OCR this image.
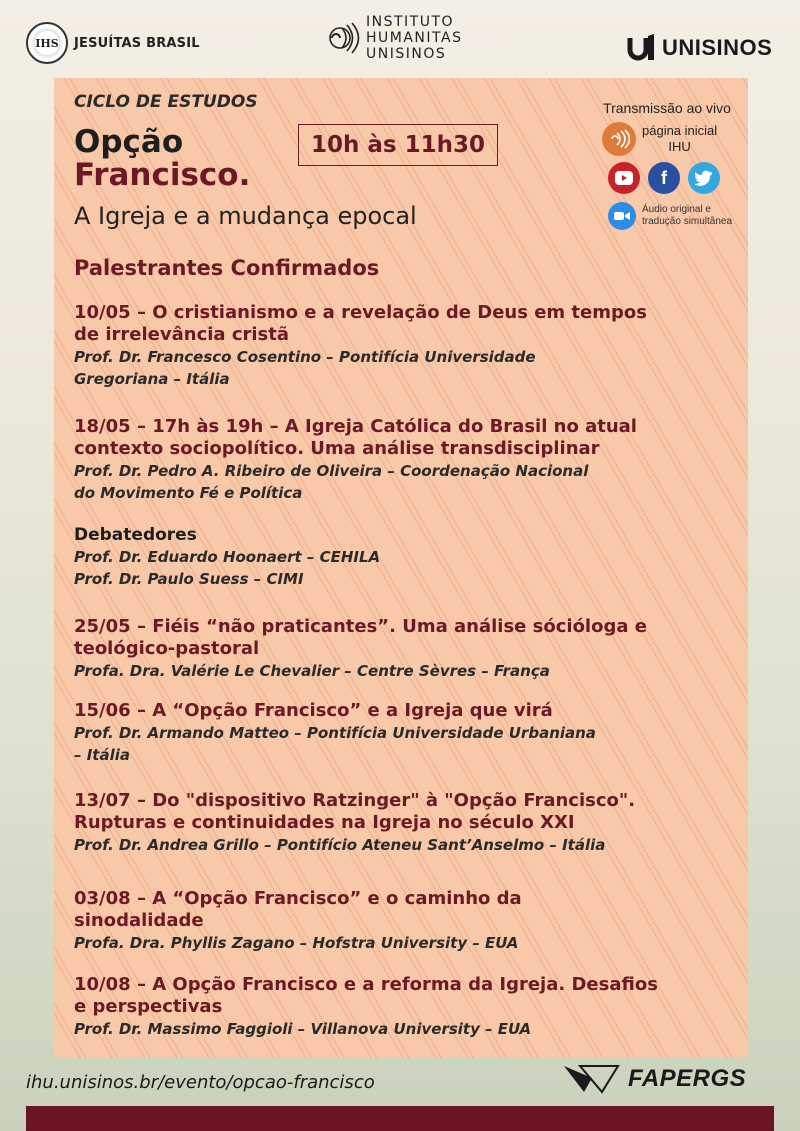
IHS	JESUÍTAS BRASIL
INSTITUTO
HUMANITAS
UNISINOS	UNISINOS
CICLO DE ESTUDOS
Opção
Francisco.
A Igreja e a mudança epocal
10h às 11h30
Transmissão ao vivo
página inicial
IHU
f
Áudio original e
tradução simultânea
Palestrantes Confirmados
10/05 – O cristianismo e a revelação de Deus em tempos
de irrelevância cristã
Prof. Dr. Francesco Cosentino – Pontifícia Universidade
Gregoriana – Itália
18/05 – 17h às 19h – A Igreja Católica do Brasil no atual
contexto sociopolítico. Uma análise transdisciplinar
Prof. Dr. Pedro A. Ribeiro de Oliveira – Coordenação Nacional
do Movimento Fé e Política
Debatedores
Prof. Dr. Eduardo Hoonaert – CEHILA
Prof. Dr. Paulo Suess – CIMI
25/05 – Fiéis “não praticantes”. Uma análise sócióloga e
teológico-pastoral
Profa. Dra. Valérie Le Chevalier – Centre Sèvres – França
15/06 – A “Opção Francisco” e a Igreja que virá
Prof. Dr. Armando Matteo – Pontifícia Universidade Urbaniana
– Itália
13/07 – Do "dispositivo Ratzinger" à "Opção Francisco".
Rupturas e continuidades na Igreja no século XXI
Prof. Dr. Andrea Grillo – Pontifício Ateneu Sant’Anselmo – Itália
03/08 – A “Opção Francisco” e o caminho da
sinodalidade
Profa. Dra. Phyllis Zagano – Hofstra University – EUA
10/08 – A Opção Francisco e a reforma da Igreja. Desafios
e perspectivas
Prof. Dr. Massimo Faggioli – Villanova University – EUA
ihu.unisinos.br/evento/opcao-francisco	FAPERGS
